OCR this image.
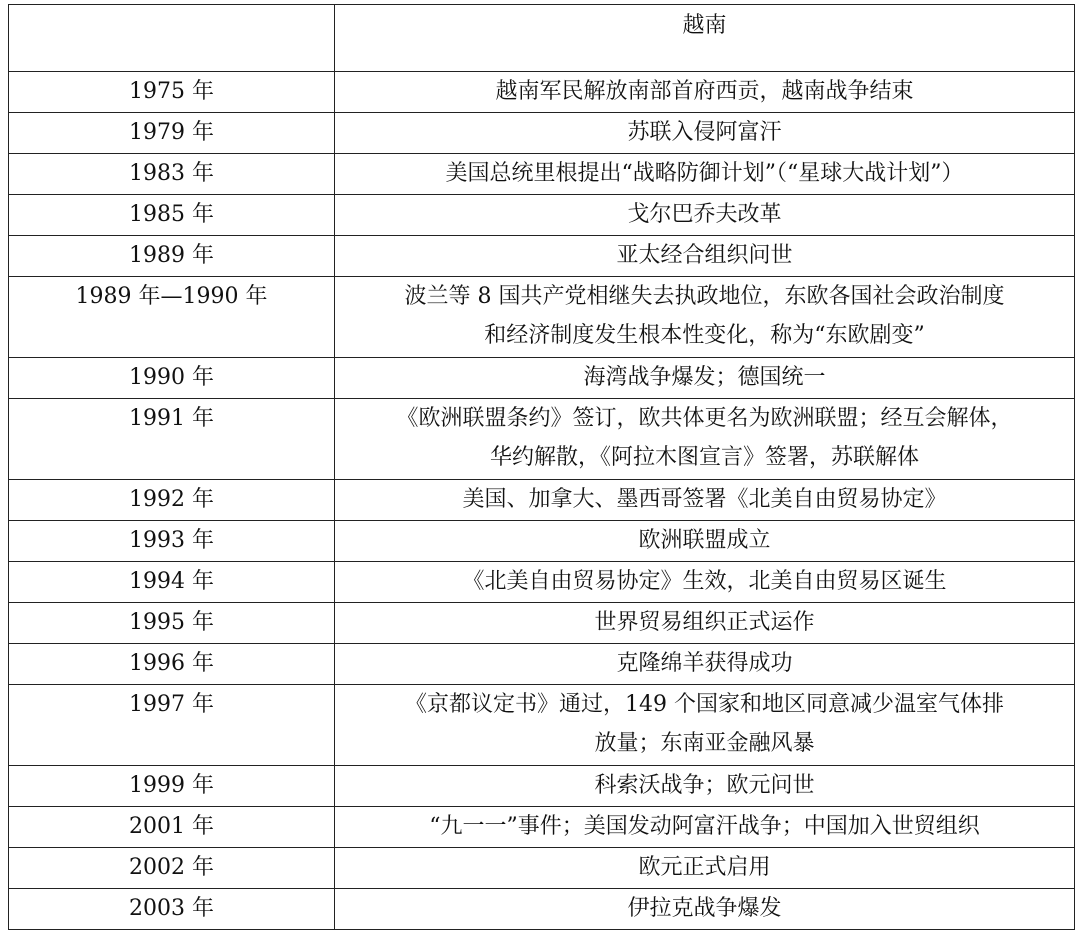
	越南
1975 年	越南军民解放南部首府西贡，越南战争结束

1979 年	苏联入侵阿富汗

1983 年	美国总统里根提出“战略防御计划”（“星球大战计划”）

1985 年	戈尔巴乔夫改革

1989 年	亚太经合组织问世

1989 年—1990 年	波兰等 8 国共产党相继失去执政地位，东欧各国社会政治制度
和经济制度发生根本性变化，称为“东欧剧变”

1990 年	海湾战争爆发；德国统一

1991 年	《欧洲联盟条约》签订，欧共体更名为欧洲联盟；经互会解体，
华约解散，《阿拉木图宣言》签署，苏联解体

1992 年	美国、加拿大、墨西哥签署《北美自由贸易协定》

1993 年	欧洲联盟成立

1994 年	《北美自由贸易协定》生效，北美自由贸易区诞生

1995 年	世界贸易组织正式运作

1996 年	克隆绵羊获得成功

1997 年	《京都议定书》通过，149 个国家和地区同意减少温室气体排
放量；东南亚金融风暴

1999 年	科索沃战争；欧元问世

2001 年	“九一一”事件；美国发动阿富汗战争；中国加入世贸组织

2002 年	欧元正式启用

2003 年	伊拉克战争爆发
